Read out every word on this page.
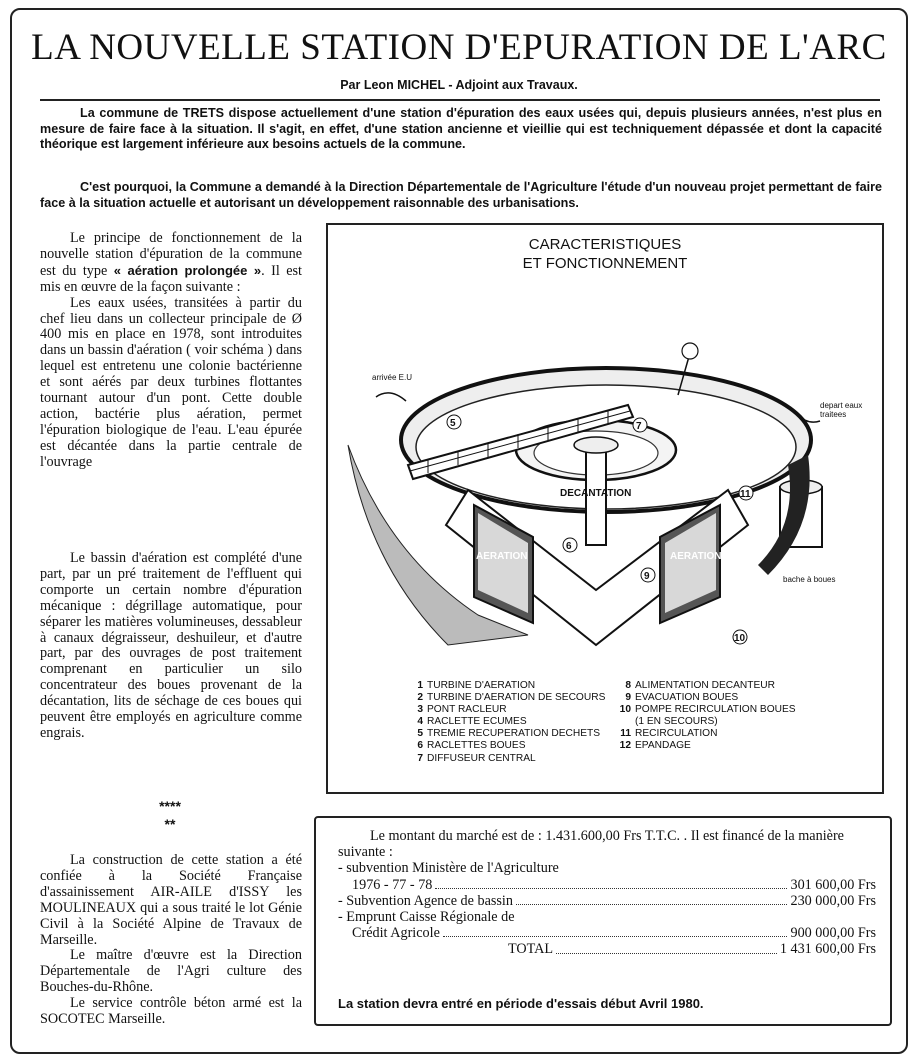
LA NOUVELLE STATION D'EPURATION DE L'ARC
Par Leon MICHEL - Adjoint aux Travaux.

La commune de TRETS dispose actuellement d'une station d'épuration des eaux usées qui, depuis plusieurs années, n'est plus en mesure de faire face à la situation. Il s'agit, en effet, d'une station ancienne et vieillie qui est techniquement dépassée et dont la capacité théorique est largement inférieure aux besoins actuels de la commune.

C'est pourquoi, la Commune a demandé à la Direction Départementale de l'Agriculture l'étude d'un nouveau projet permettant de faire face à la situation actuelle et autorisant un développement raisonnable des urbanisations.

Le principe de fonctionnement de la nouvelle station d'épuration de la commune est du type « aération prolongée ». Il est mis en œuvre de la façon suivante :

Les eaux usées, transitées à partir du chef lieu dans un collecteur principale de Ø 400 mis en place en 1978, sont introduites dans un bassin d'aération ( voir schéma ) dans lequel est entretenu une colonie bactérienne et sont aérés par deux turbines flottantes tournant autour d'un pont. Cette double action, bactérie plus aération, permet l'épuration biologique de l'eau. L'eau épurée est décantée dans la partie centrale de l'ouvrage

Le bassin d'aération est complété d'une part, par un pré traitement de l'effluent qui comporte un certain nombre d'épuration mécanique : dégrillage automatique, pour séparer les matières volumineuses, dessableur à canaux dégraisseur, deshuileur, et d'autre part, par des ouvrages de post traitement comprenant en particulier un silo concentrateur des boues provenant de la décantation, lits de séchage de ces boues qui peuvent être employés en agriculture comme engrais.

****
**

La construction de cette station a été confiée à la Société Française d'assainissement AIR-AILE d'ISSY les MOULINEAUX qui a sous traité le lot Génie Civil à la Société Alpine de Travaux de Marseille.

Le maître d'œuvre est la Direction Départementale de l'Agri culture des Bouches-du-Rhône.

Le service contrôle béton armé est la SOCOTEC Marseille.

CARACTERISTIQUES
ET FONCTIONNEMENT
5
6
9
11
10
7
arrivée E.U
depart eaux traitees
DECANTATION
AERATION	AERATION
bache à boues
1 TURBINE D'AERATION
2 TURBINE D'AERATION DE SECOURS
3 PONT RACLEUR
4 RACLETTE ECUMES
5 TREMIE RECUPERATION DECHETS
6 RACLETTES BOUES
7 DIFFUSEUR CENTRAL
8 ALIMENTATION DECANTEUR
9 EVACUATION BOUES
10 POMPE RECIRCULATION BOUES
(1 EN SECOURS)
11 RECIRCULATION
12 EPANDAGE

Le montant du marché est de : 1.431.600,00 Frs T.T.C. . Il est financé de la manière suivante :

- subvention Ministère de l'Agriculture
1976 - 77 - 78	301 600,00 Frs
- Subvention Agence de bassin	230 000,00 Frs
- Emprunt Caisse Régionale de
Crédit Agricole	900 000,00 Frs
TOTAL	1 431 600,00 Frs
La station devra entré en période d'essais début Avril 1980.
